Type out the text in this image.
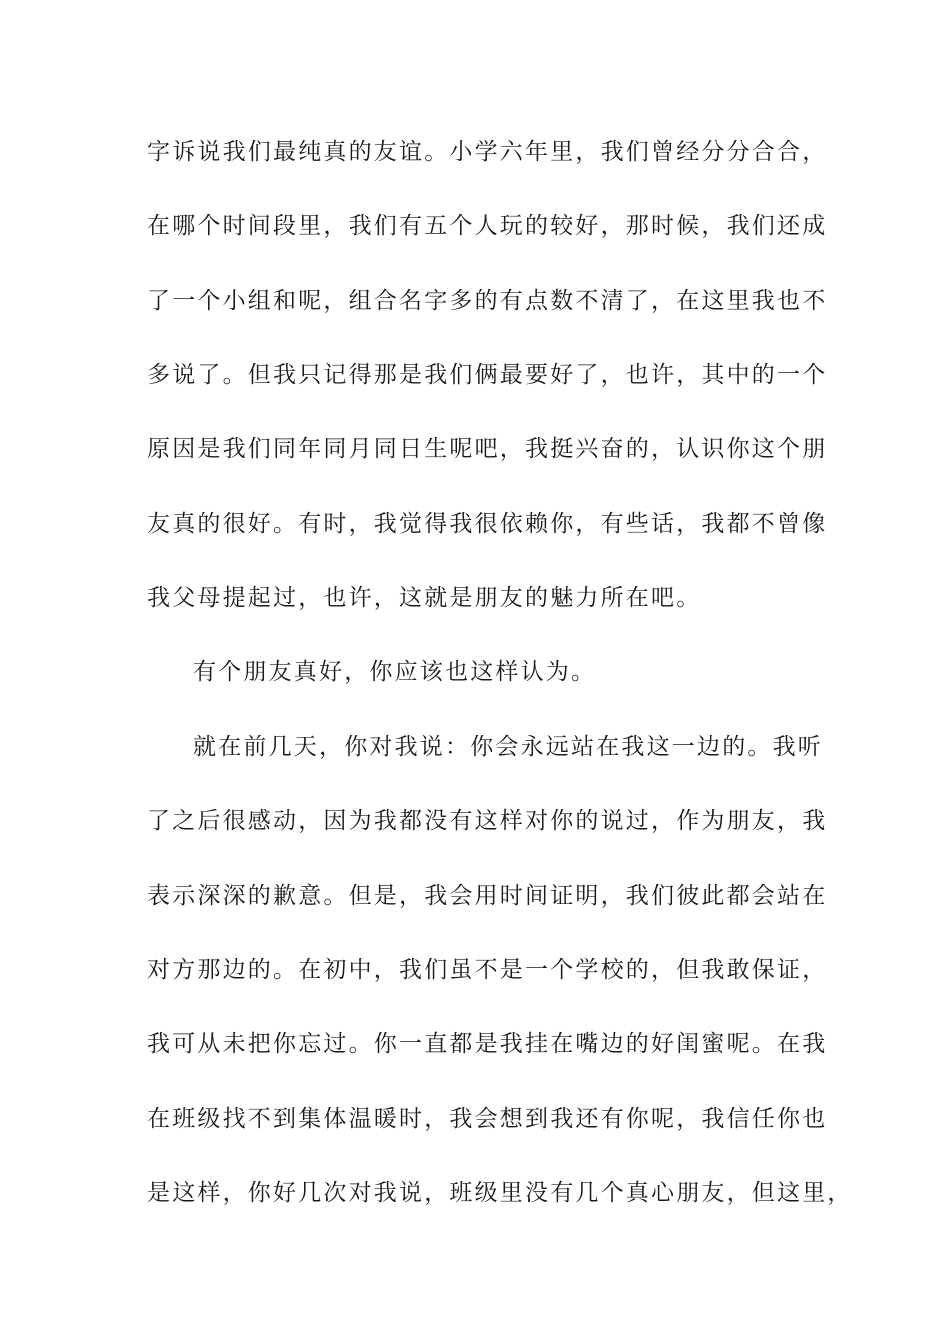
字诉说我们最纯真的友谊。小学六年里，我们曾经分分合合，
在哪个时间段里，我们有五个人玩的较好，那时候，我们还成
了一个小组和呢，组合名字多的有点数不清了，在这里我也不
多说了。但我只记得那是我们俩最要好了，也许，其中的一个
原因是我们同年同月同日生呢吧，我挺兴奋的，认识你这个朋
友真的很好。有时，我觉得我很依赖你，有些话，我都不曾像
我父母提起过，也许，这就是朋友的魅力所在吧。
有个朋友真好，你应该也这样认为。
就在前几天，你对我说：你会永远站在我这一边的。我听
了之后很感动，因为我都没有这样对你的说过，作为朋友，我
表示深深的歉意。但是，我会用时间证明，我们彼此都会站在
对方那边的。在初中，我们虽不是一个学校的，但我敢保证，
我可从未把你忘过。你一直都是我挂在嘴边的好闺蜜呢。在我
在班级找不到集体温暖时，我会想到我还有你呢，我信任你也
是这样，你好几次对我说，班级里没有几个真心朋友，但这里，
